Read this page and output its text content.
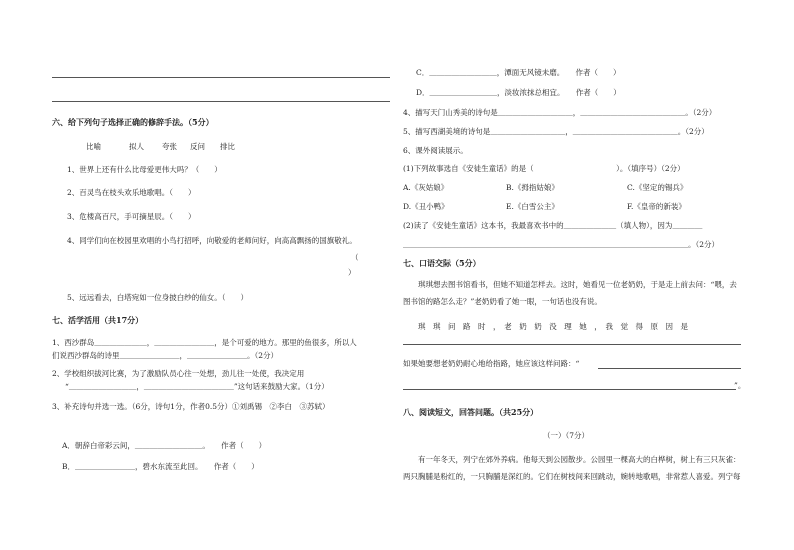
六、给下列句子选择正确的修辞手法。（5分）
比喻	拟人 夸张 反问 排比
1、世界上还有什么比母爱更伟大吗？（　　）
2、百灵鸟在枝头欢乐地歌唱。（　　）
3、危楼高百尺，手可摘星辰。（　　）
4、同学们向在校园里欢唱的小鸟打招呼，向敬爱的老师问好，向高高飘扬的国旗敬礼。
（
）
5、远远看去，白塔宛如一位身披白纱的仙女。（　　）
七、活学活用（共17分）
1、西沙群岛＿＿＿＿＿＿＿，＿＿＿＿＿＿＿＿，是个可爱的地方。那里的鱼很多，所以人
们说西沙群岛的诗里＿＿＿＿＿＿＿＿，＿＿＿＿＿＿＿＿。（2分）
2、学校组织拔河比赛，为了激励队员心往一处想，劲儿往一处使，我决定用
“＿＿＿＿＿＿＿＿＿，＿＿＿＿＿＿＿＿＿＿＿＿”这句话来鼓励大家。（1分）
3、补充诗句并选一选。（6分，诗句1分，作者0.5分）①刘禹锡　②李白　③苏轼）
A．朝辞白帝彩云间，＿＿＿＿＿＿＿＿＿。　　作者（　　）
B．＿＿＿＿＿＿＿＿，碧水东流至此回。　　作者（　　）
C．＿＿＿＿＿＿＿＿＿，潭面无风镜未磨。　　作者（　　）
D．＿＿＿＿＿＿＿＿＿，淡妆浓抹总相宜。　　作者（　　）
4、描写天门山秀美的诗句是＿＿＿＿＿＿＿＿＿＿，＿＿＿＿＿＿＿＿＿＿＿＿＿＿。（2分）
5、描写西湖美境的诗句是＿＿＿＿＿＿＿＿＿＿，＿＿＿＿＿＿＿＿＿＿＿＿＿＿。（2分）
6、课外阅读展示。
(1)下列故事选自《安徒生童话》的是（　　　　　　　　　　　）。（填序号）（2分）
A.《灰姑娘》	B.《拇指姑娘》	C.《坚定的锡兵》
D.《丑小鸭》	E.《白雪公主》	F.《皇帝的新装》
(2)读了《安徒生童话》这本书，我最喜欢书中的＿＿＿＿＿＿＿（填人物），因为＿＿＿＿
＿＿＿＿＿＿＿＿＿＿＿＿＿＿＿＿＿＿＿＿＿＿＿＿＿＿＿＿＿＿＿＿＿＿＿＿＿＿。（2分）
七、口语交际（5分）
琪琪想去图书馆看书，但她不知道怎样去。这时，她看见一位老奶奶，于是走上前去问：“喂，去
图书馆的路怎么走？”老奶奶看了她一眼，一句话也没有说。
琪　琪　问　路　时　，　老　奶　奶　没　理　她　，　我　觉　得　原　因　是
如果她要想老奶奶耐心地给指路，她应该这样问路：“
”。
八、阅读短文，回答问题。（共25分）
（一）（7分）
有一年冬天，列宁在郊外养病。他每天到公园散步。公园里一棵高大的白桦树，树上有三只灰雀：
两只胸脯是粉红的，一只胸脯是深红的。它们在树枝间来回跳动，婉转地歌唱，非常惹人喜爱。列宁每
